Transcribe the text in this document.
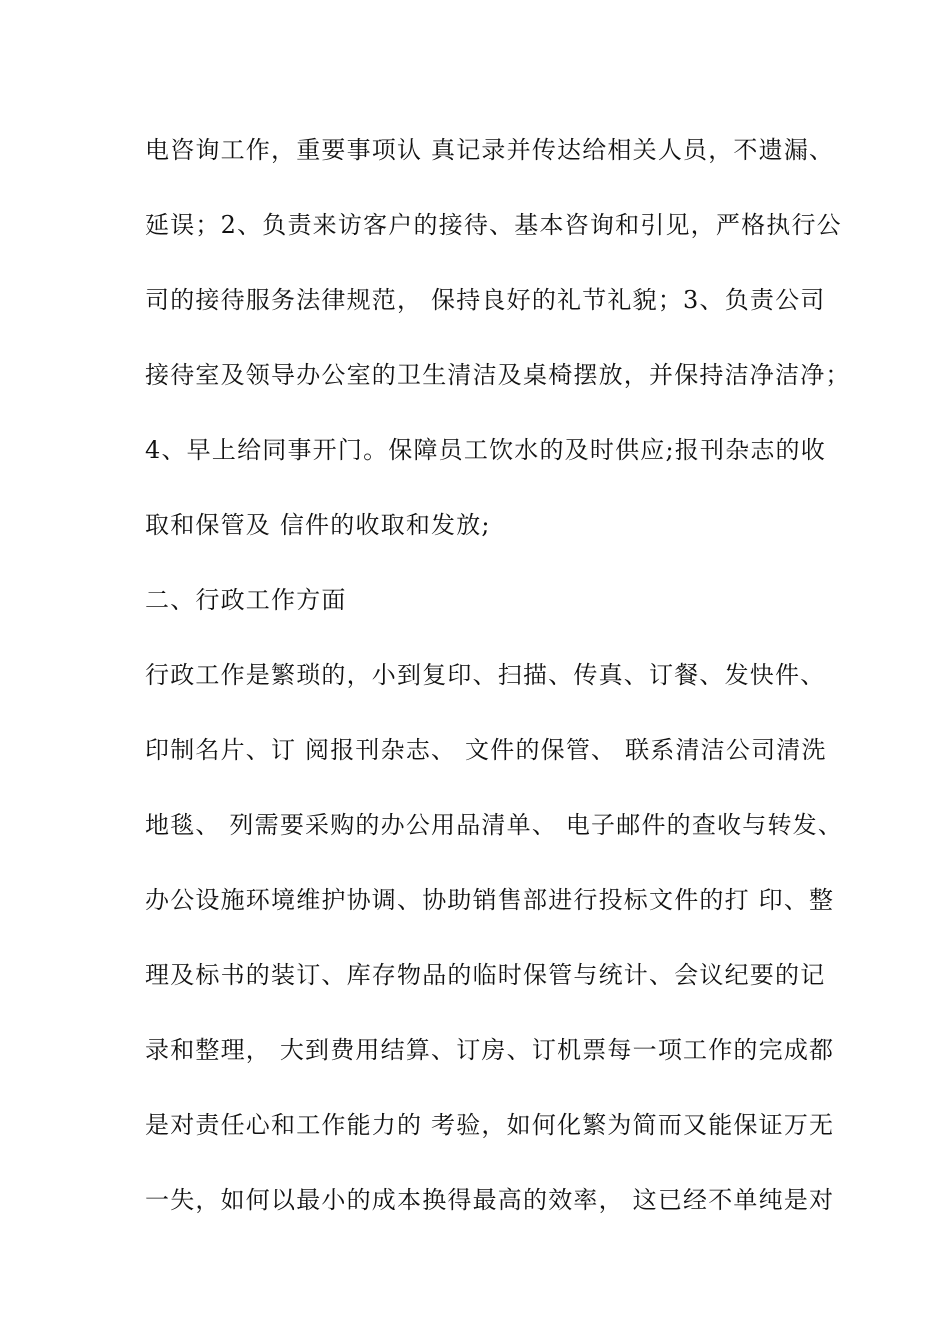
电咨询工作，重要事项认 真记录并传达给相关人员，不遗漏、
延误；2、负责来访客户的接待、基本咨询和引见，严格执行公
司的接待服务法律规范， 保持良好的礼节礼貌；3、负责公司
接待室及领导办公室的卫生清洁及桌椅摆放，并保持洁净洁净；
4、早上给同事开门。保障员工饮水的及时供应;报刊杂志的收
取和保管及 信件的收取和发放;
二、行政工作方面
行政工作是繁琐的，小到复印、扫描、传真、订餐、发快件、
印制名片、订 阅报刊杂志、 文件的保管、 联系清洁公司清洗
地毯、 列需要采购的办公用品清单、 电子邮件的查收与转发、
办公设施环境维护协调、协助销售部进行投标文件的打 印、整
理及标书的装订、库存物品的临时保管与统计、会议纪要的记
录和整理， 大到费用结算、订房、订机票每一项工作的完成都
是对责任心和工作能力的 考验，如何化繁为简而又能保证万无
一失，如何以最小的成本换得最高的效率， 这已经不单纯是对
